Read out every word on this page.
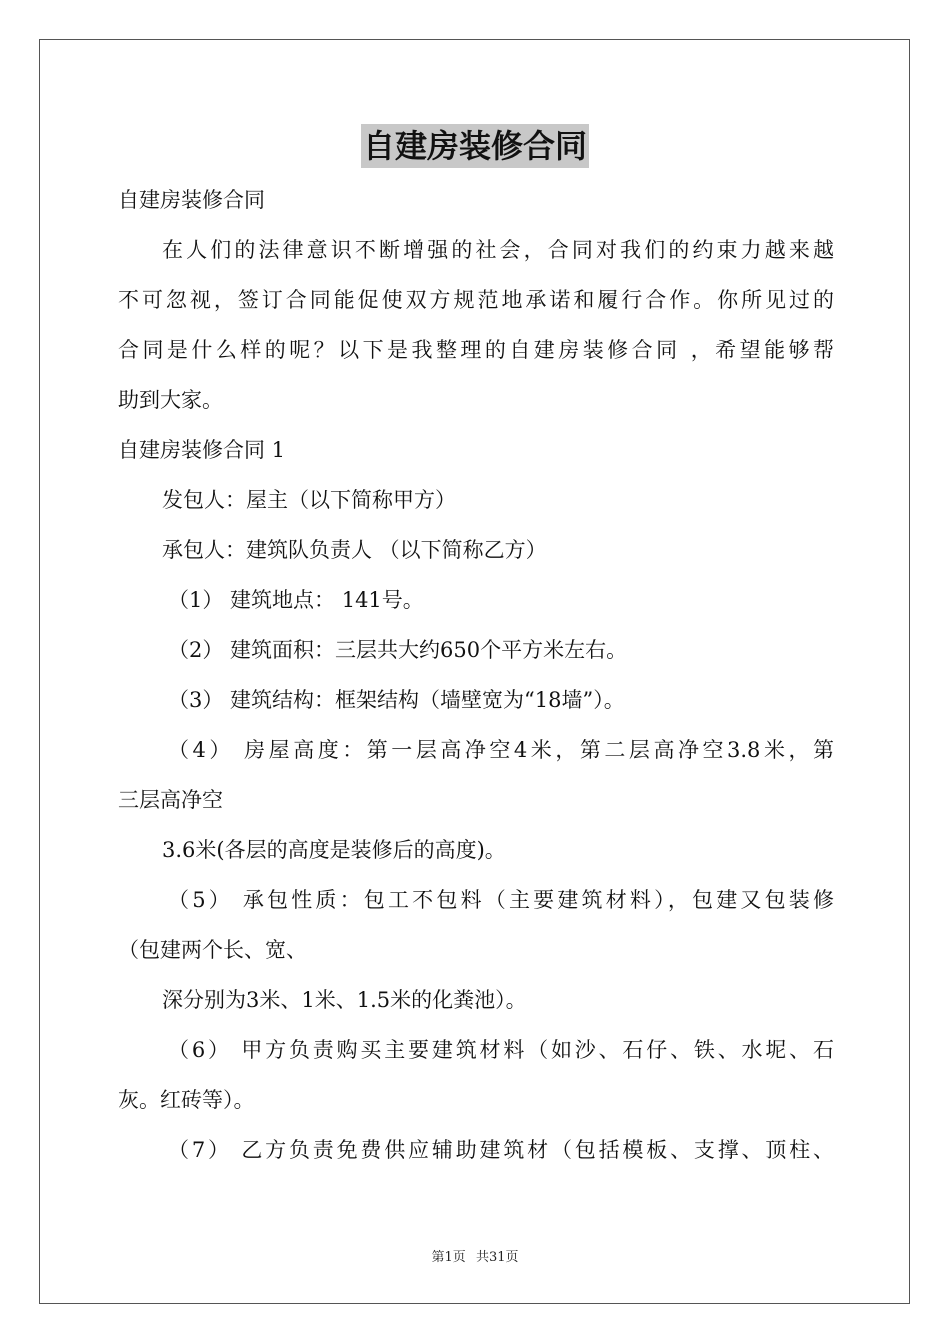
自建房装修合同
自建房装修合同
在人们的法律意识不断增强的社会，合同对我们的约束力越来越
不可忽视，签订合同能促使双方规范地承诺和履行合作。你所见过的
合同是什么样的呢？以下是我整理的自建房装修合同 ，希望能够帮
助到大家。
自建房装修合同 1
发包人：屋主（以下简称甲方）
承包人：建筑队负责人 （以下简称乙方）
（1） 建筑地点： 141号。
（2） 建筑面积：三层共大约650个平方米左右。
（3） 建筑结构：框架结构（墙壁宽为“18墙”）。
（4） 房屋高度：第一层高净空4米，第二层高净空3.8米，第
三层高净空
3.6米(各层的高度是装修后的高度)。
（5） 承包性质：包工不包料（主要建筑材料），包建又包装修
（包建两个长、宽、
深分别为3米、1米、1.5米的化粪池）。
（6） 甲方负责购买主要建筑材料（如沙、石仔、铁、水坭、石
灰。红砖等）。
（7） 乙方负责免费供应辅助建筑材（包括模板、支撑、顶柱、
第1页 共31页
